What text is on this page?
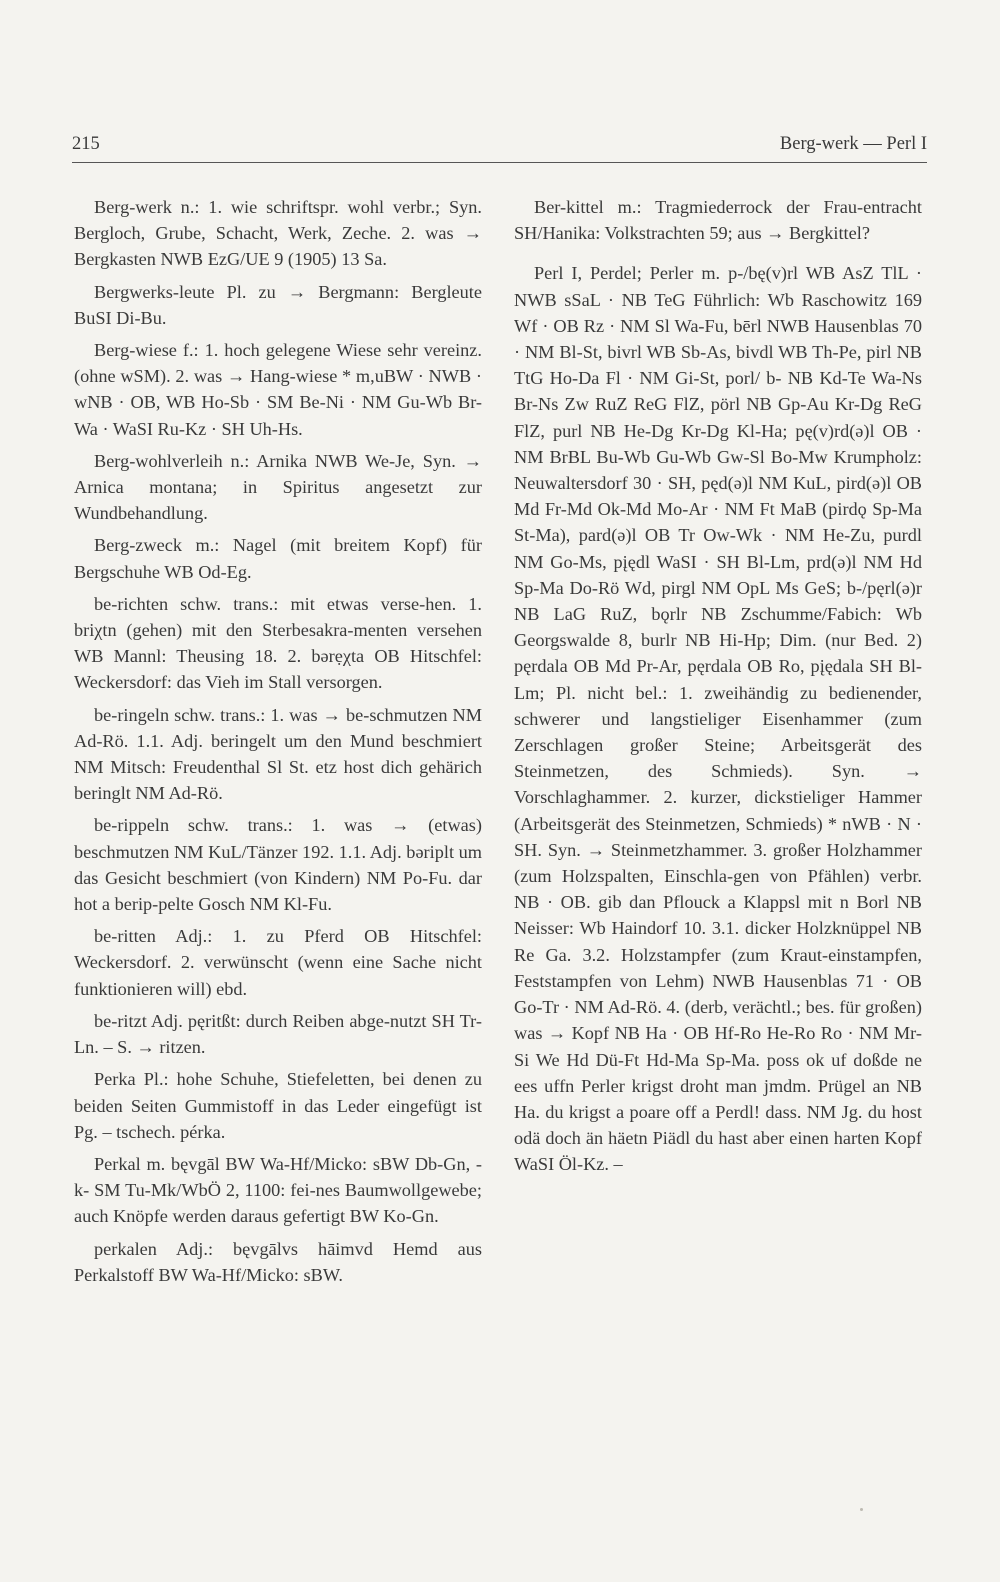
215	Berg-werk — Perl I

Berg-werk n.: 1. wie schriftspr. wohl verbr.; Syn. Bergloch, Grube, Schacht, Werk, Zeche. 2. was → Bergkasten NWB EzG/UE 9 (1905) 13 Sa.

Bergwerks-leute Pl. zu → Bergmann: Bergleute BuSI Di-Bu.

Berg-wiese f.: 1. hoch gelegene Wiese sehr vereinz. (ohne wSM). 2. was → Hang-wiese * m,uBW · NWB · wNB · OB, WB Ho-Sb · SM Be-Ni · NM Gu-Wb Br-Wa · WaSI Ru-Kz · SH Uh-Hs.

Berg-wohlverleih n.: Arnika NWB We-Je, Syn. → Arnica montana; in Spiritus angesetzt zur Wundbehandlung.

Berg-zweck m.: Nagel (mit breitem Kopf) für Bergschuhe WB Od-Eg.

be-richten schw. trans.: mit etwas verse-hen. 1. briχtn (gehen) mit den Sterbesakra-menten versehen WB Mannl: Theusing 18. 2. bərẹχta OB Hitschfel: Weckersdorf: das Vieh im Stall versorgen.

be-ringeln schw. trans.: 1. was → be-schmutzen NM Ad-Rö. 1.1. Adj. beringelt um den Mund beschmiert NM Mitsch: Freudenthal Sl St. etz host dich gehärich beringlt NM Ad-Rö.

be-rippeln schw. trans.: 1. was → (etwas) beschmutzen NM KuL/Tänzer 192. 1.1. Adj. bəriplt um das Gesicht beschmiert (von Kindern) NM Po-Fu. dar hot a berip-pelte Gosch NM Kl-Fu.

be-ritten Adj.: 1. zu Pferd OB Hitschfel: Weckersdorf. 2. verwünscht (wenn eine Sache nicht funktionieren will) ebd.

be-ritzt Adj. pęritßt: durch Reiben abge-nutzt SH Tr-Ln. – S. → ritzen.

Perka Pl.: hohe Schuhe, Stiefeletten, bei denen zu beiden Seiten Gummistoff in das Leder eingefügt ist Pg. – tschech. pérka.

Perkal m. bęvgāl BW Wa-Hf/Micko: sBW Db-Gn, -k- SM Tu-Mk/WbÖ 2, 1100: fei-nes Baumwollgewebe; auch Knöpfe werden daraus gefertigt BW Ko-Gn.

perkalen Adj.: bęvgālvs hāimvd Hemd aus Perkalstoff BW Wa-Hf/Micko: sBW.

Ber-kittel m.: Tragmiederrock der Frau-entracht SH/Hanika: Volkstrachten 59; aus → Bergkittel?

Perl I, Perdel; Perler m. p-/bę(v)rl WB AsZ TlL · NWB sSaL · NB TeG Führlich: Wb Raschowitz 169 Wf · OB Rz · NM Sl Wa-Fu, bērl NWB Hausenblas 70 · NM Bl-St, bivrl WB Sb-As, bivdl WB Th-Pe, pirl NB TtG Ho-Da Fl · NM Gi-St, porl/ b- NB Kd-Te Wa-Ns Br-Ns Zw RuZ ReG FlZ, pörl NB Gp-Au Kr-Dg ReG FlZ, purl NB He-Dg Kr-Dg Kl-Ha; pę(v)rd(ə)l OB · NM BrBL Bu-Wb Gu-Wb Gw-Sl Bo-Mw Krumpholz: Neuwaltersdorf 30 · SH, pęd(ə)l NM KuL, pird(ə)l OB Md Fr-Md Ok-Md Mo-Ar · NM Ft MaB (pirdǫ Sp-Ma St-Ma), pard(ə)l OB Tr Ow-Wk · NM He-Zu, purdl NM Go-Ms, pįędl WaSI · SH Bl-Lm, prd(ə)l NM Hd Sp-Ma Do-Rö Wd, pirgl NM OpL Ms GeS; b-/pęrl(ə)r NB LaG RuZ, bǫrlr NB Zschumme/Fabich: Wb Georgswalde 8, burlr NB Hi-Hp; Dim. (nur Bed. 2) pęrdala OB Md Pr-Ar, pęrdala OB Ro, pįędala SH Bl-Lm; Pl. nicht bel.: 1. zweihändig zu bedienender, schwerer und langstieliger Eisenhammer (zum Zerschlagen großer Steine; Arbeitsgerät des Steinmetzen, des Schmieds). Syn. → Vorschlaghammer. 2. kurzer, dickstieliger Hammer (Arbeitsgerät des Steinmetzen, Schmieds) * nWB · N · SH. Syn. → Steinmetzhammer. 3. großer Holzhammer (zum Holzspalten, Einschla-gen von Pfählen) verbr. NB · OB. gib dan Pflouck a Klappsl mit n Borl NB Neisser: Wb Haindorf 10. 3.1. dicker Holzknüppel NB Re Ga. 3.2. Holzstampfer (zum Kraut-einstampfen, Feststampfen von Lehm) NWB Hausenblas 71 · OB Go-Tr · NM Ad-Rö. 4. (derb, verächtl.; bes. für großen) was → Kopf NB Ha · OB Hf-Ro He-Ro Ro · NM Mr-Si We Hd Dü-Ft Hd-Ma Sp-Ma. poss ok uf doßde ne ees uffn Perler krigst droht man jmdm. Prügel an NB Ha. du krigst a poare off a Perdl! dass. NM Jg. du host odä doch än häetn Piädl du hast aber einen harten Kopf WaSI Öl-Kz. –
